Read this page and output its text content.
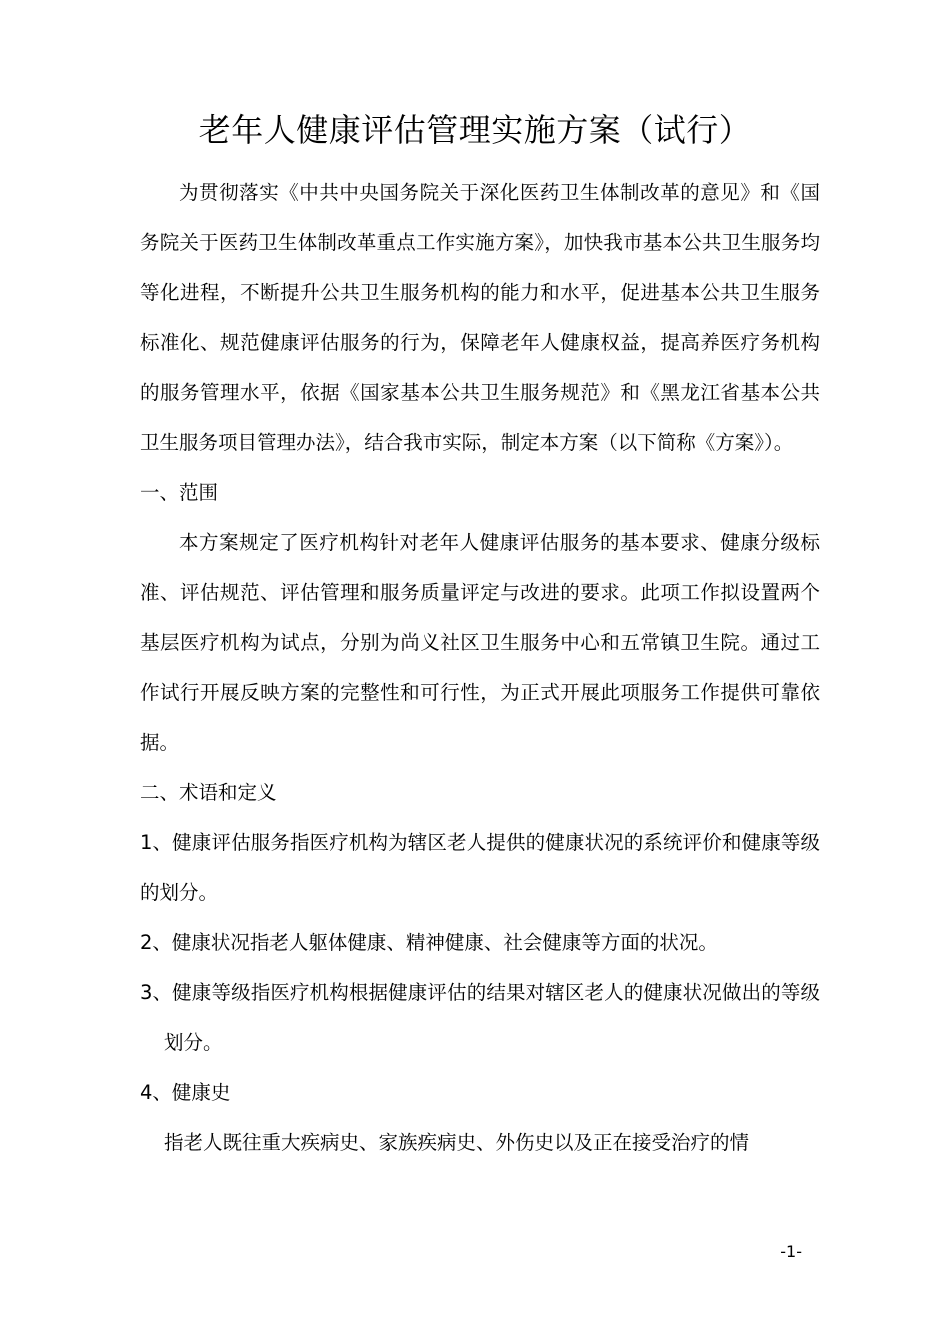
老年人健康评估管理实施方案（试行）
为贯彻落实《中共中央国务院关于深化医药卫生体制改革的意见》和《国务院关于医药卫生体制改革重点工作实施方案》，加快我市基本公共卫生服务均等化进程，不断提升公共卫生服务机构的能力和水平，促进基本公共卫生服务标准化、规范健康评估服务的行为，保障老年人健康权益，提高养医疗务机构的服务管理水平，依据《国家基本公共卫生服务规范》和《黑龙江省基本公共卫生服务项目管理办法》，结合我市实际，制定本方案（以下简称《方案》）。
一、范围
本方案规定了医疗机构针对老年人健康评估服务的基本要求、健康分级标准、评估规范、评估管理和服务质量评定与改进的要求。此项工作拟设置两个基层医疗机构为试点，分别为尚义社区卫生服务中心和五常镇卫生院。通过工作试行开展反映方案的完整性和可行性，为正式开展此项服务工作提供可靠依据。
二、术语和定义
1、健康评估服务指医疗机构为辖区老人提供的健康状况的系统评价和健康等级的划分。
2、健康状况指老人躯体健康、精神健康、社会健康等方面的状况。
3、健康等级指医疗机构根据健康评估的结果对辖区老人的健康状况做出的等级划分。
4、健康史
指老人既往重大疾病史、家族疾病史、外伤史以及正在接受治疗的情
-1-
